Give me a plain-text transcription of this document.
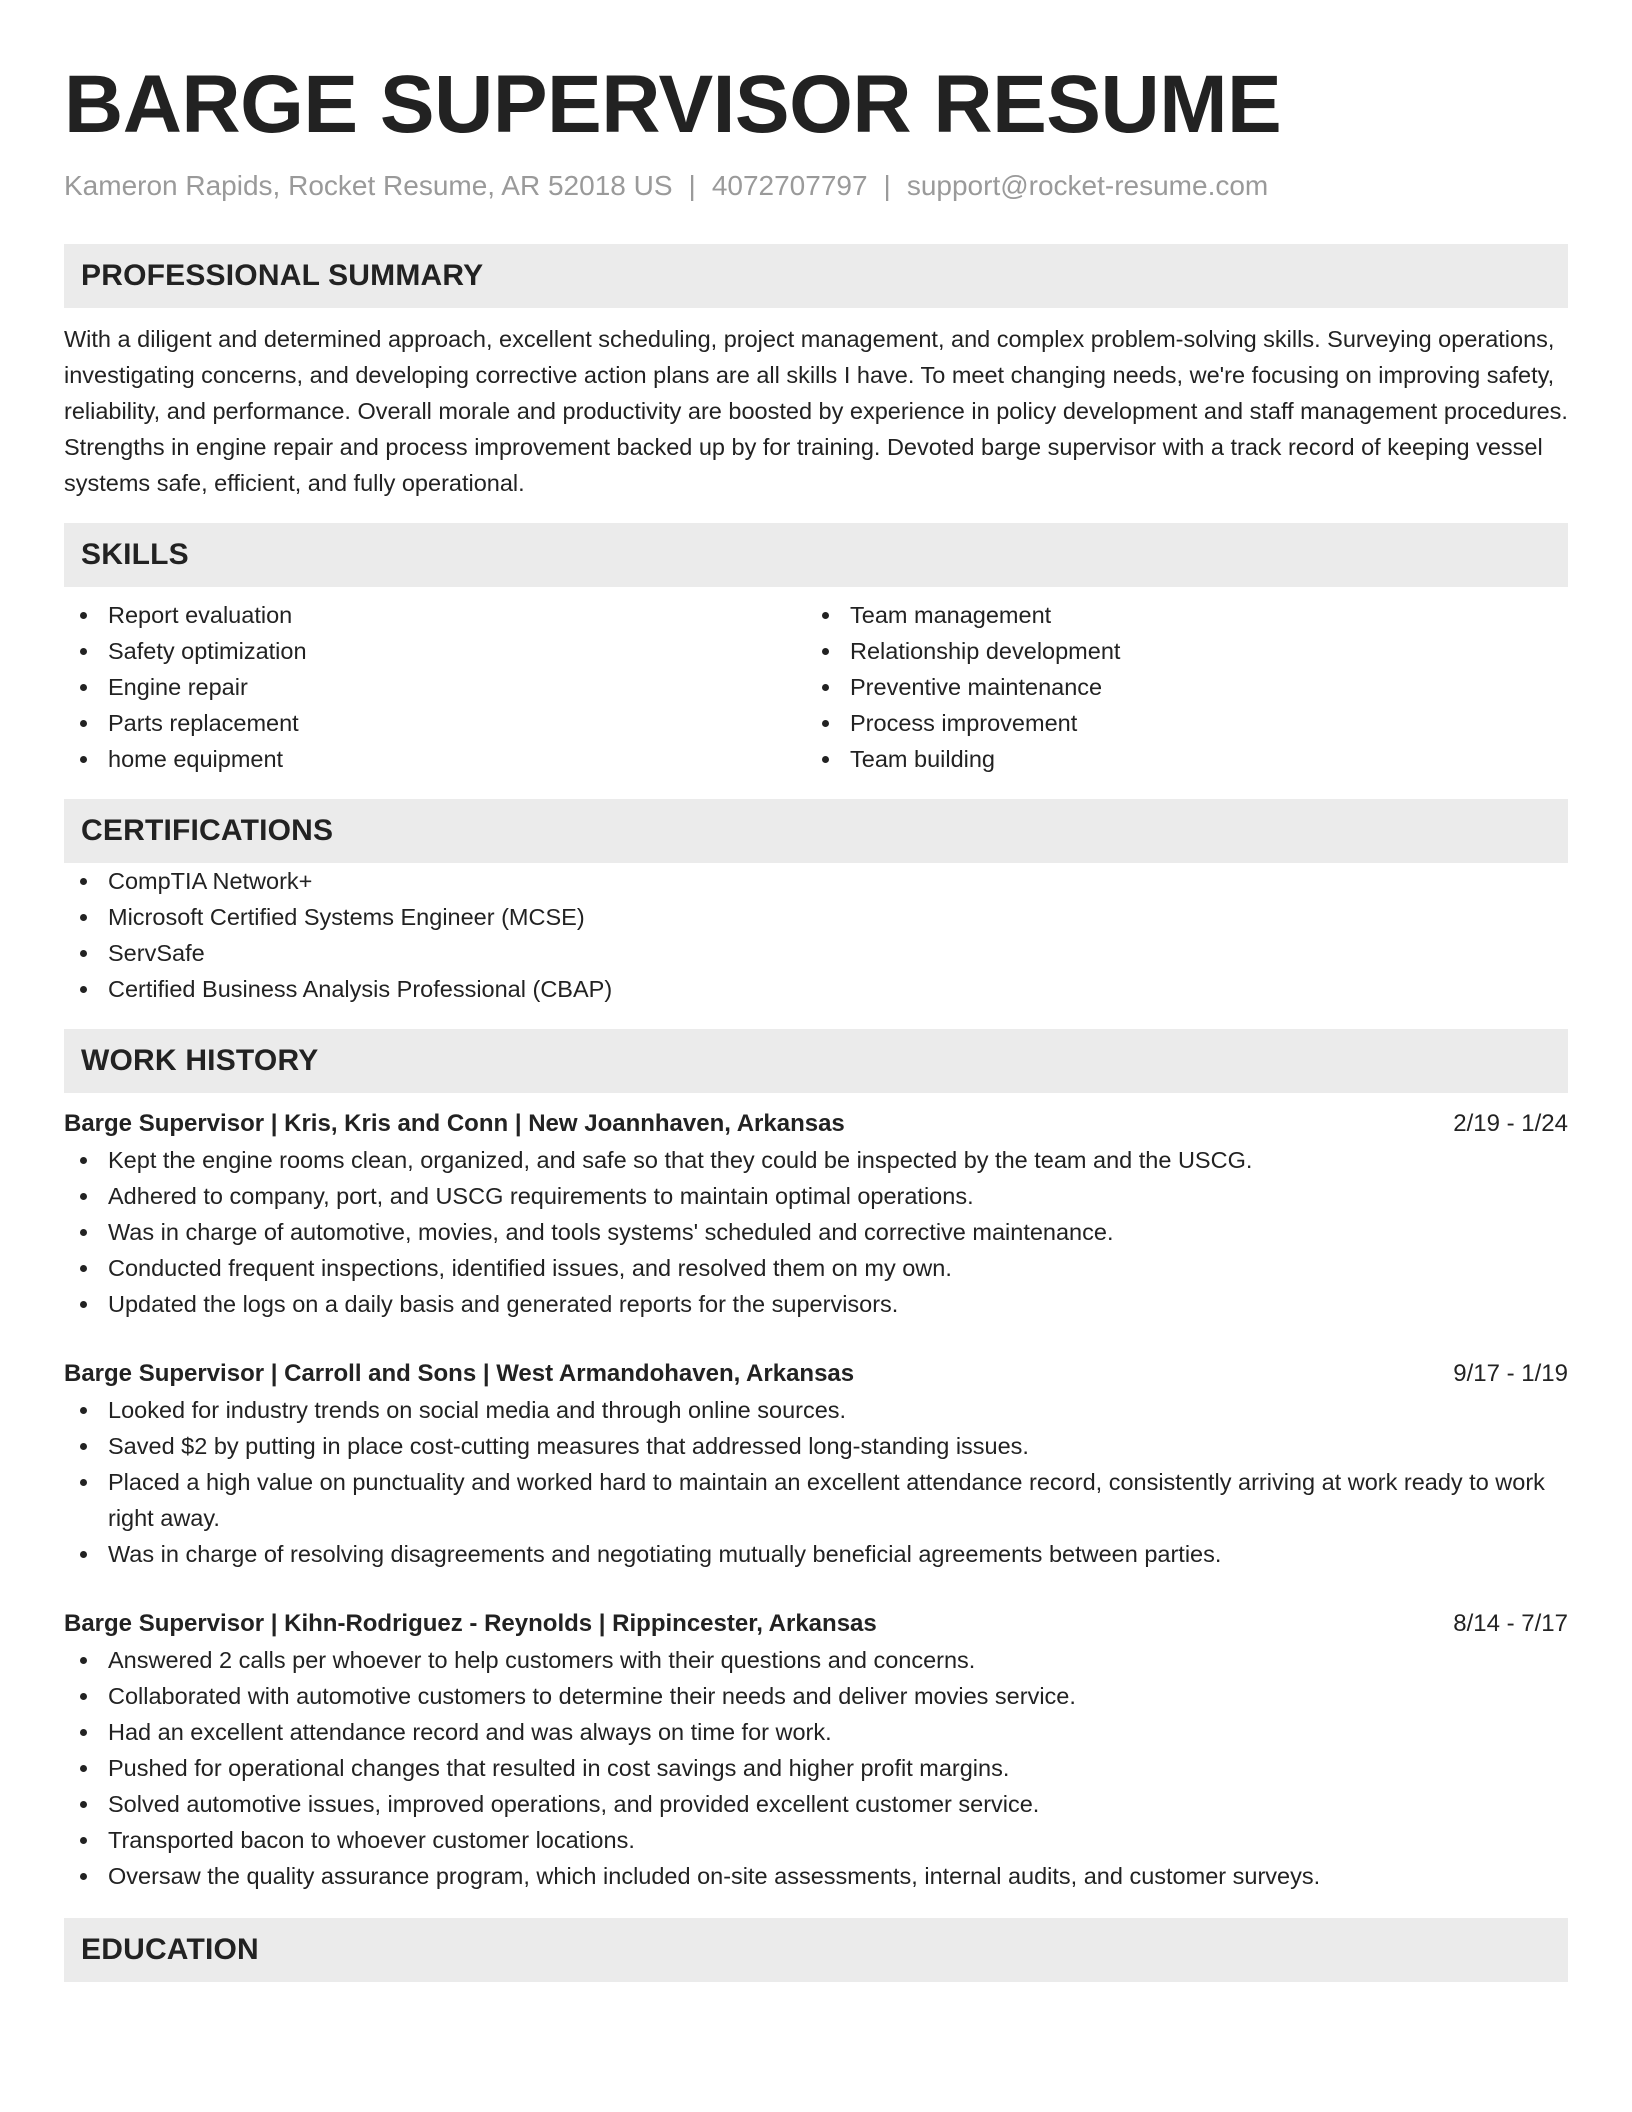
BARGE SUPERVISOR RESUME
Kameron Rapids, Rocket Resume, AR 52018 US | 4072707797 | support@rocket-resume.com
PROFESSIONAL SUMMARY

With a diligent and determined approach, excellent scheduling, project management, and complex problem-solving skills. Surveying operations, investigating concerns, and developing corrective action plans are all skills I have. To meet changing needs, we're focusing on improving safety, reliability, and performance. Overall morale and productivity are boosted by experience in policy development and staff management procedures. Strengths in engine repair and process improvement backed up by for training. Devoted barge supervisor with a track record of keeping vessel systems safe, efficient, and fully operational.

SKILLS
Report evaluation
Safety optimization
Engine repair
Parts replacement
home equipment
Team management
Relationship development
Preventive maintenance
Process improvement
Team building
CERTIFICATIONS
CompTIA Network+
Microsoft Certified Systems Engineer (MCSE)
ServSafe
Certified Business Analysis Professional (CBAP)
WORK HISTORY
Barge Supervisor | Kris, Kris and Conn | New Joannhaven, Arkansas	2/19 - 1/24
Kept the engine rooms clean, organized, and safe so that they could be inspected by the team and the USCG.
Adhered to company, port, and USCG requirements to maintain optimal operations.
Was in charge of automotive, movies, and tools systems' scheduled and corrective maintenance.
Conducted frequent inspections, identified issues, and resolved them on my own.
Updated the logs on a daily basis and generated reports for the supervisors.
Barge Supervisor | Carroll and Sons | West Armandohaven, Arkansas	9/17 - 1/19
Looked for industry trends on social media and through online sources.
Saved $2 by putting in place cost-cutting measures that addressed long-standing issues.
Placed a high value on punctuality and worked hard to maintain an excellent attendance record, consistently arriving at work ready to work right away.
Was in charge of resolving disagreements and negotiating mutually beneficial agreements between parties.
Barge Supervisor | Kihn-Rodriguez - Reynolds | Rippincester, Arkansas	8/14 - 7/17
Answered 2 calls per whoever to help customers with their questions and concerns.
Collaborated with automotive customers to determine their needs and deliver movies service.
Had an excellent attendance record and was always on time for work.
Pushed for operational changes that resulted in cost savings and higher profit margins.
Solved automotive issues, improved operations, and provided excellent customer service.
Transported bacon to whoever customer locations.
Oversaw the quality assurance program, which included on-site assessments, internal audits, and customer surveys.
EDUCATION
